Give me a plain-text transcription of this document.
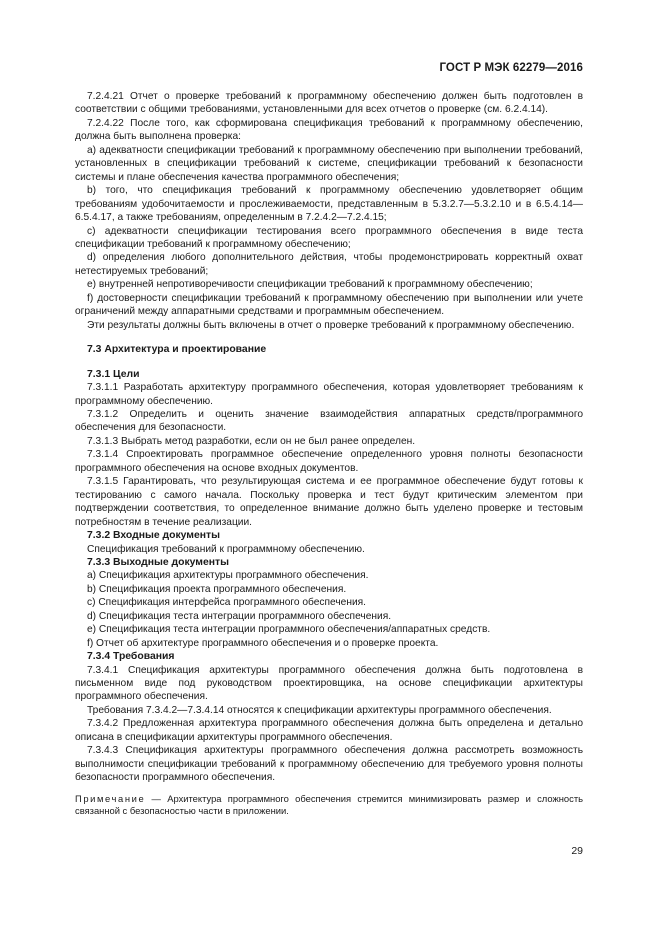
ГОСТ Р МЭК 62279—2016

7.2.4.21 Отчет о проверке требований к программному обеспечению должен быть подготовлен в соответствии с общими требованиями, установленными для всех отчетов о проверке (см. 6.2.4.14).

7.2.4.22 После того, как сформирована спецификация требований к программному обеспечению, должна быть выполнена проверка:

a) адекватности спецификации требований к программному обеспечению при выполнении требований, установленных в спецификации требований к системе, спецификации требований к безопасности системы и плане обеспечения качества программного обеспечения;

b) того, что спецификация требований к программному обеспечению удовлетворяет общим требованиям удобочитаемости и прослеживаемости, представленным в 5.3.2.7—5.3.2.10 и в 6.5.4.14—6.5.4.17, а также требованиям, определенным в 7.2.4.2—7.2.4.15;

c) адекватности спецификации тестирования всего программного обеспечения в виде теста спецификации требований к программному обеспечению;

d) определения любого дополнительного действия, чтобы продемонстрировать корректный охват нетестируемых требований;

e) внутренней непротиворечивости спецификации требований к программному обеспечению;

f) достоверности спецификации требований к программному обеспечению при выполнении или учете ограничений между аппаратными средствами и программным обеспечением.

Эти результаты должны быть включены в отчет о проверке требований к программному обеспечению.

7.3 Архитектура и проектирование
7.3.1 Цели

7.3.1.1 Разработать архитектуру программного обеспечения, которая удовлетворяет требованиям к программному обеспечению.

7.3.1.2 Определить и оценить значение взаимодействия аппаратных средств/программного обеспечения для безопасности.

7.3.1.3 Выбрать метод разработки, если он не был ранее определен.

7.3.1.4 Спроектировать программное обеспечение определенного уровня полноты безопасности программного обеспечения на основе входных документов.

7.3.1.5 Гарантировать, что результирующая система и ее программное обеспечение будут готовы к тестированию с самого начала. Поскольку проверка и тест будут критическим элементом при подтверждении соответствия, то определенное внимание должно быть уделено проверке и тестовым потребностям в течение реализации.

7.3.2 Входные документы

Спецификация требований к программному обеспечению.

7.3.3 Выходные документы

a) Спецификация архитектуры программного обеспечения.

b) Спецификация проекта программного обеспечения.

c) Спецификация интерфейса программного обеспечения.

d) Спецификация теста интеграции программного обеспечения.

e) Спецификация теста интеграции программного обеспечения/аппаратных средств.

f) Отчет об архитектуре программного обеспечения и о проверке проекта.

7.3.4 Требования

7.3.4.1 Спецификация архитектуры программного обеспечения должна быть подготовлена в письменном виде под руководством проектировщика, на основе спецификации архитектуры программного обеспечения.

Требования 7.3.4.2—7.3.4.14 относятся к спецификации архитектуры программного обеспечения.

7.3.4.2 Предложенная архитектура программного обеспечения должна быть определена и детально описана в спецификации архитектуры программного обеспечения.

7.3.4.3 Спецификация архитектуры программного обеспечения должна рассмотреть возможность выполнимости спецификации требований к программному обеспечению для требуемого уровня полноты безопасности программного обеспечения.

Примечание — Архитектура программного обеспечения стремится минимизировать размер и сложность связанной с безопасностью части в приложении.

29
